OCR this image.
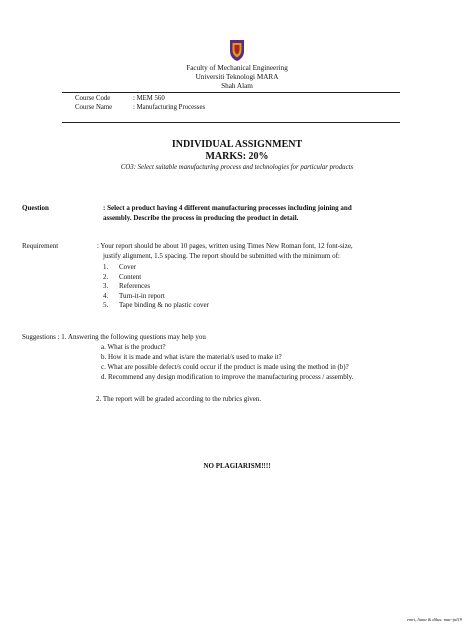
Faculty of Mechanical Engineering
Universiti Teknologi MARA
Shah Alam
Course Code	: MEM 560
Course Name	: Manufacturing Processes
INDIVIDUAL ASSIGNMENT
MARKS: 20%
CO3: Select suitable manufacturing process and technologies for particular products
Question	: Select a product having 4 different manufacturing processes including joining and
assembly. Describe the process in producing the product in detail.
Requirement	: Your report should be about 10 pages, written using Times New Roman font, 12 font-size,
justify alignment, 1.5 spacing. The report should be submitted with the minimum of:
1.	Cover
2.	Content
3.	References
4.	Turn-it-in report
5.	Tape binding & no plastic cover
Suggestions : 1. Answering the following questions may help you
a. What is the product?
b. How it is made and what is/are the material/s used to make it?
c. What are possible defect/s could occur if the product is made using the method in (b)?
d. Recommend any design modification to improve the manufacturing process / assembly.
2. The report will be graded according to the rubrics given.
NO PLAGIARISM!!!!
emri, liana & dilus: mac-jul19
